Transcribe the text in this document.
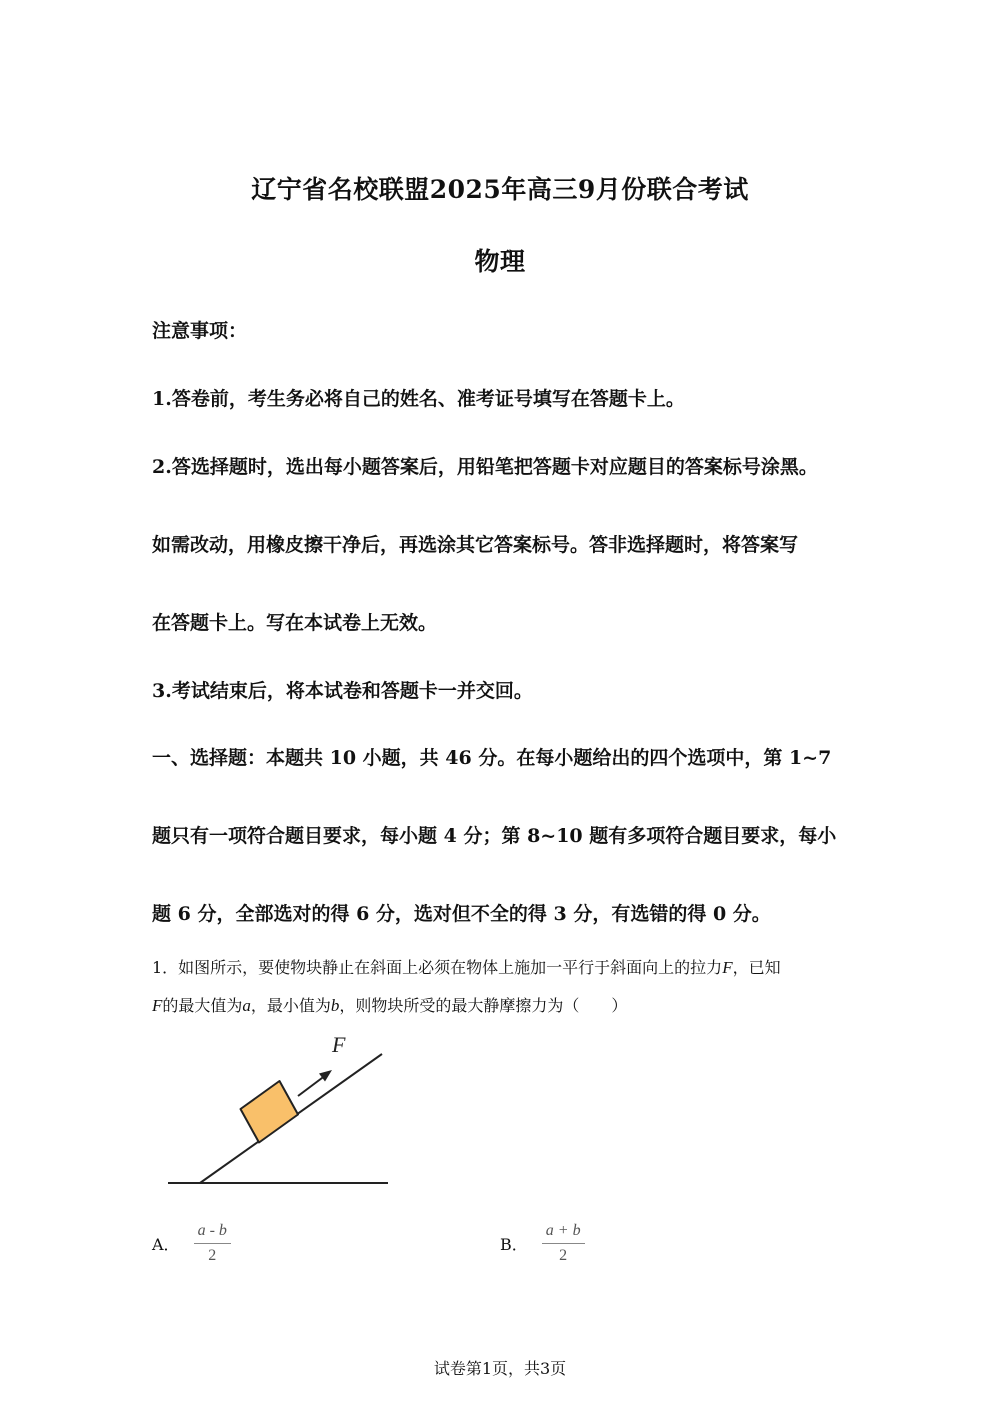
辽宁省名校联盟2025年高三9月份联合考试
物理
注意事项：
1.答卷前，考生务必将自己的姓名、准考证号填写在答题卡上。
2.答选择题时，选出每小题答案后，用铅笔把答题卡对应题目的答案标号涂黑。
如需改动，用橡皮擦干净后，再选涂其它答案标号。答非选择题时，将答案写
在答题卡上。写在本试卷上无效。
3.考试结束后，将本试卷和答题卡一并交回。
一、选择题：本题共 10 小题，共 46 分。在每小题给出的四个选项中，第 1~7
题只有一项符合题目要求，每小题 4 分；第 8~10 题有多项符合题目要求，每小
题 6 分，全部选对的得 6 分，选对但不全的得 3 分，有选错的得 0 分。
1．如图所示，要使物块静止在斜面上必须在物体上施加一平行于斜面向上的拉力F，已知
F的最大值为a，最小值为b，则物块所受的最大静摩擦力为（　　）
F
A． $\frac{a - b}{2}$	B． $\frac{a + b}{2}$
试卷第1页，共3页
